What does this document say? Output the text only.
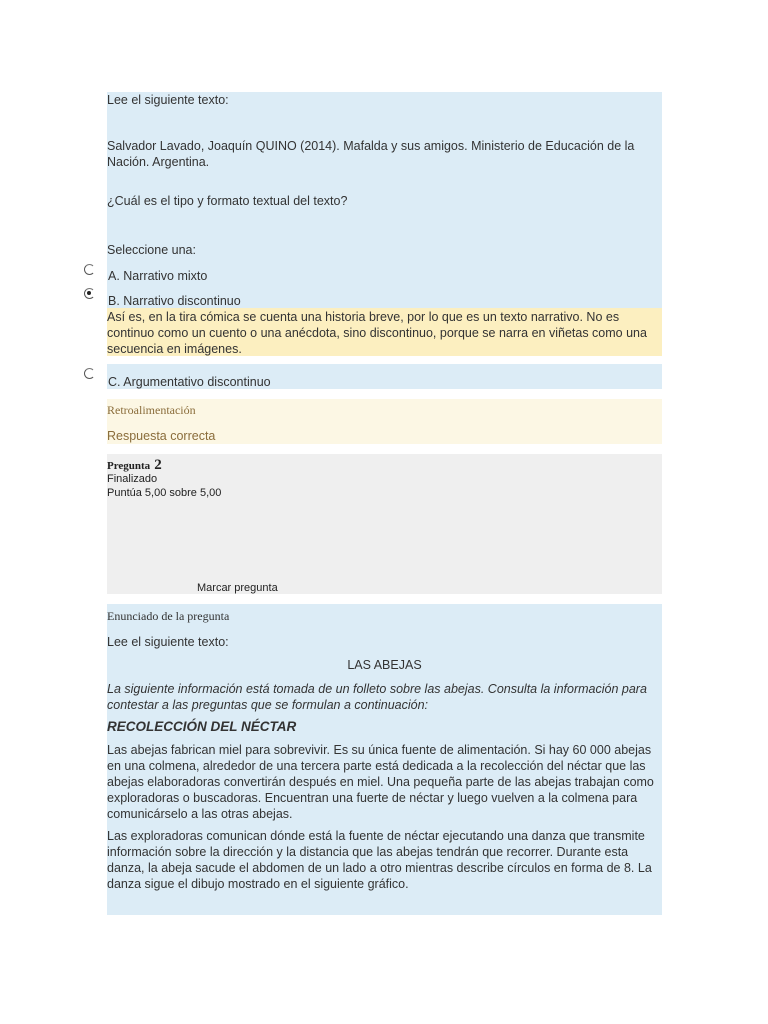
Lee el siguiente texto:
Salvador Lavado, Joaquín QUINO (2014). Mafalda y sus amigos. Ministerio de Educación de la Nación. Argentina.
¿Cuál es el tipo y formato textual del texto?
Seleccione una:
A. Narrativo mixto
B. Narrativo discontinuo
Así es, en la tira cómica se cuenta una historia breve, por lo que es un texto narrativo. No es continuo como un cuento o una anécdota, sino discontinuo, porque se narra en viñetas como una secuencia en imágenes.
C. Argumentativo discontinuo
Retroalimentación
Respuesta correcta
Pregunta 2
Finalizado
Puntúa 5,00 sobre 5,00
Marcar pregunta
Enunciado de la pregunta
Lee el siguiente texto:
LAS ABEJAS
La siguiente información está tomada de un folleto sobre las abejas. Consulta la información para contestar a las preguntas que se formulan a continuación:
RECOLECCIÓN DEL NÉCTAR
Las abejas fabrican miel para sobrevivir. Es su única fuente de alimentación. Si hay 60 000 abejas en una colmena, alrededor de una tercera parte está dedicada a la recolección del néctar que las abejas elaboradoras convertirán después en miel. Una pequeña parte de las abejas trabajan como exploradoras o buscadoras. Encuentran una fuerte de néctar y luego vuelven a la colmena para comunicárselo a las otras abejas.
Las exploradoras comunican dónde está la fuente de néctar ejecutando una danza que transmite información sobre la dirección y la distancia que las abejas tendrán que recorrer. Durante esta danza, la abeja sacude el abdomen de un lado a otro mientras describe círculos en forma de 8. La danza sigue el dibujo mostrado en el siguiente gráfico.
